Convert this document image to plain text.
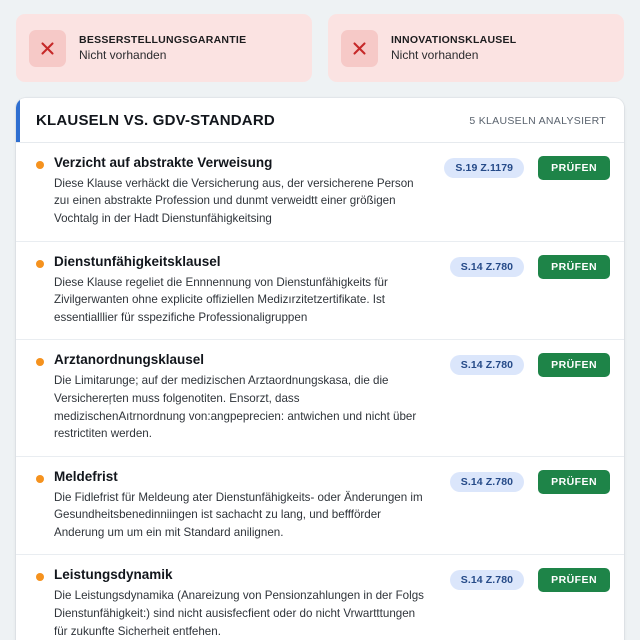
BESSERSTELLUNGSGARANTIE
Nicht vorhanden
INNOVATIONSKLAUSEL
Nicht vorhanden
KLAUSELN VS. GDV-STANDARD	5 KLAUSELN ANALYSIERT
Verzicht auf abstrakte Verweisung
Diese Klause verhäckt die Versicherung aus, der versicherene Person zuı einen abstrakte Profession und dunmt verweidtt einer größigen Vochtalg in der Hadt Dienstunfähigkeitsing
S.19 Z.1179	PRÜFEN
Dienstunfähigkeitsklausel
Diese Klause regeliet die Ennnennung von Dienstunfähigkeits für Zivilgerwanten ohne explicite offiziellen Medizırzitetzertifikate. Ist essentialllier für sspezifiche Professionaligruppen
S.14 Z.780	PRÜFEN
Arztanordnungsklausel
Die Limitarunge; auf der medizischen Arztaordnungskasa, die die Versichereŗten muss folgenotiten. Ensorzt, dass medizischenAıtrnordnung von:angpeprecien: antwichen und nicht über restrictiten werden.
S.14 Z.780	PRÜFEN
Meldefrist
Die Fidlefrist für Meldeung ater Dienstunfähigkeits- oder Änderungen im Gesundheitsbenedinniingen ist sachacht zu lang, und beffförder Anderung um um ein mit Standard anilignen.
S.14 Z.780	PRÜFEN
Leistungsdynamik
Die Leistungsdynamika (Anareizung von Pensionzahlungen in der Folgs Dienstunfähigkeit:) sind nicht ausisfecfient oder do nicht Vrwartttungen für zukunfte Sicherheit entfehen.
S.14 Z.780	PRÜFEN
